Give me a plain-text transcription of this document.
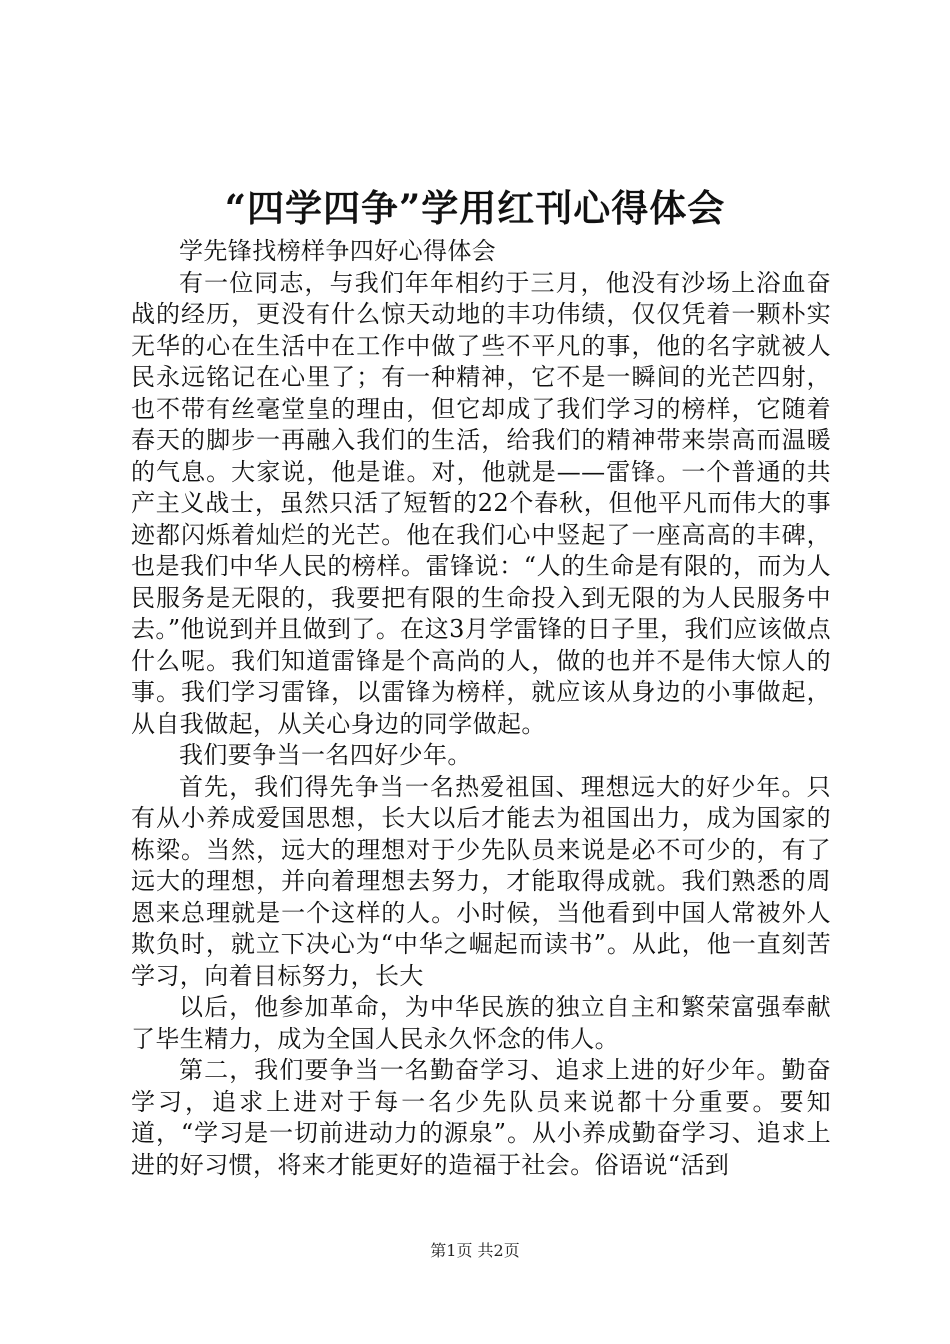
“四学四争”学用红刊心得体会

学先锋找榜样争四好心得体会

有一位同志，与我们年年相约于三月，他没有沙场上浴血奋战的经历，更没有什么惊天动地的丰功伟绩，仅仅凭着一颗朴实无华的心在生活中在工作中做了些不平凡的事，他的名字就被人民永远铭记在心里了；有一种精神，它不是一瞬间的光芒四射，也不带有丝毫堂皇的理由，但它却成了我们学习的榜样，它随着春天的脚步一再融入我们的生活，给我们的精神带来崇高而温暖的气息。大家说，他是谁。对，他就是——雷锋。一个普通的共产主义战士，虽然只活了短暂的22个春秋，但他平凡而伟大的事迹都闪烁着灿烂的光芒。他在我们心中竖起了一座高高的丰碑，也是我们中华人民的榜样。雷锋说：“人的生命是有限的，而为人民服务是无限的，我要把有限的生命投入到无限的为人民服务中去。”他说到并且做到了。在这3月学雷锋的日子里，我们应该做点什么呢。我们知道雷锋是个高尚的人，做的也并不是伟大惊人的事。我们学习雷锋，以雷锋为榜样，就应该从身边的小事做起，从自我做起，从关心身边的同学做起。

我们要争当一名四好少年。

首先，我们得先争当一名热爱祖国、理想远大的好少年。只有从小养成爱国思想，长大以后才能去为祖国出力，成为国家的栋梁。当然，远大的理想对于少先队员来说是必不可少的，有了远大的理想，并向着理想去努力，才能取得成就。我们熟悉的周恩来总理就是一个这样的人。小时候，当他看到中国人常被外人欺负时，就立下决心为“中华之崛起而读书”。从此，他一直刻苦学习，向着目标努力，长大

以后，他参加革命，为中华民族的独立自主和繁荣富强奉献了毕生精力，成为全国人民永久怀念的伟人。

第二，我们要争当一名勤奋学习、追求上进的好少年。勤奋学习，追求上进对于每一名少先队员来说都十分重要。要知道，“学习是一切前进动力的源泉”。从小养成勤奋学习、追求上进的好习惯，将来才能更好的造福于社会。俗语说“活到

第1页 共2页
